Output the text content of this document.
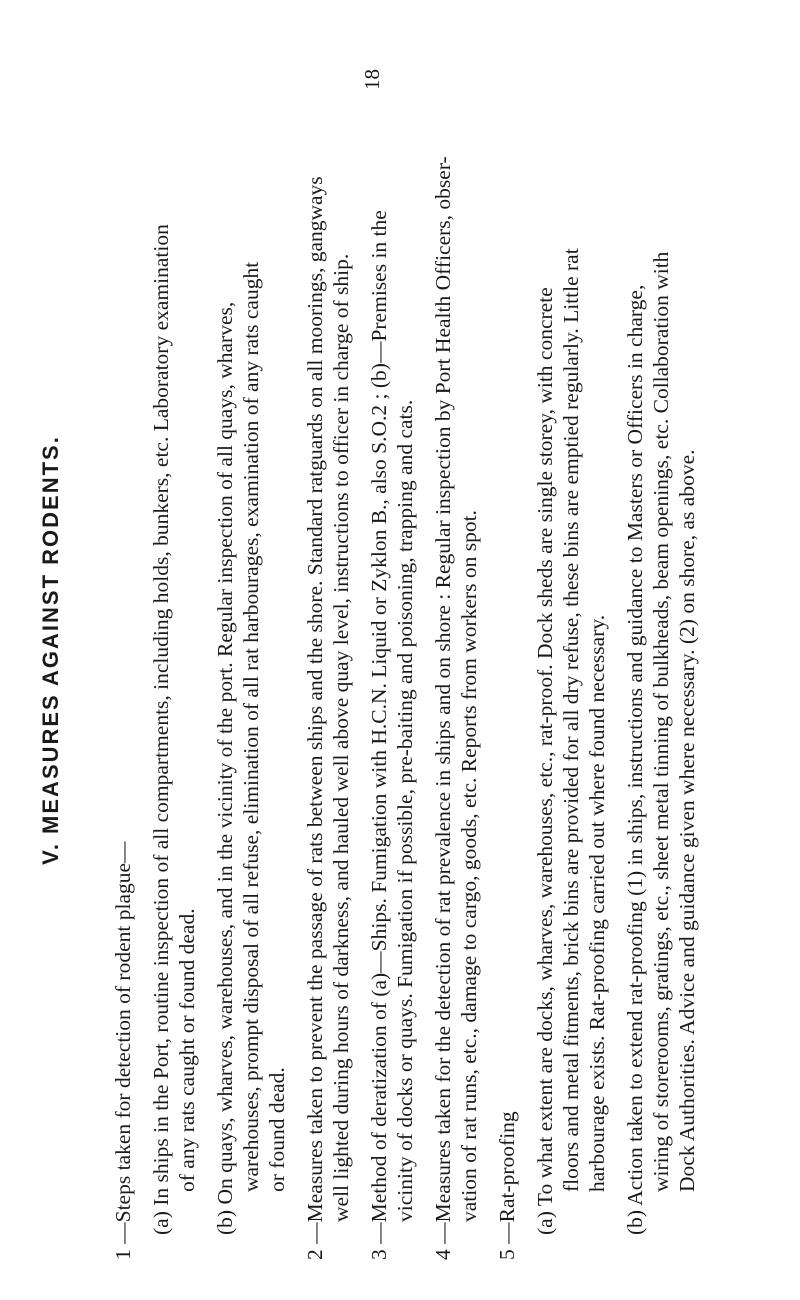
V. MEASURES AGAINST RODENTS.
18
1 —Steps taken for detection of rodent plague— (a) In ships in the Port, routine inspection of all compartments, including holds, bunkers, etc. Laboratory examination of any rats caught or found dead. (b) On quays, wharves, warehouses, and in the vicinity of the port. Regular inspection of all quays, wharves, warehouses, prompt disposal of all refuse, elimination of all rat harbourages, examination of any rats caught or found dead. 2 —Measures taken to prevent the passage of rats between ships and the shore. Standard ratguards on all moorings, gangways well lighted during hours of darkness, and hauled well above quay level, instructions to officer in charge of ship. 3 —Method of deratization of (a)—Ships. Fumigation with H.C.N. Liquid or Zyklon B., also S.O.2 ; (b)—Premises in the vicinity of docks or quays. Fumigation if possible, pre-baiting and poisoning, trapping and cats. 4 —Measures taken for the detection of rat prevalence in ships and on shore : Regular inspection by Port Health Officers, obser- vation of rat runs, etc., damage to cargo, goods, etc. Reports from workers on spot. 5 —Rat-proofing (a) To what extent are docks, wharves, warehouses, etc., rat-proof. Dock sheds are single storey, with concrete floors and metal fitments, brick bins are provided for all dry refuse, these bins are emptied regularly. Little rat harbourage exists. Rat-proofing carried out where found necessary. (b) Action taken to extend rat-proofing (1) in ships, instructions and guidance to Masters or Officers in charge, wiring of storerooms, gratings, etc., sheet metal tinning of bulkheads, beam openings, etc. Collaboration with Dock Authorities. Advice and guidance given where necessary. (2) on shore, as above.
